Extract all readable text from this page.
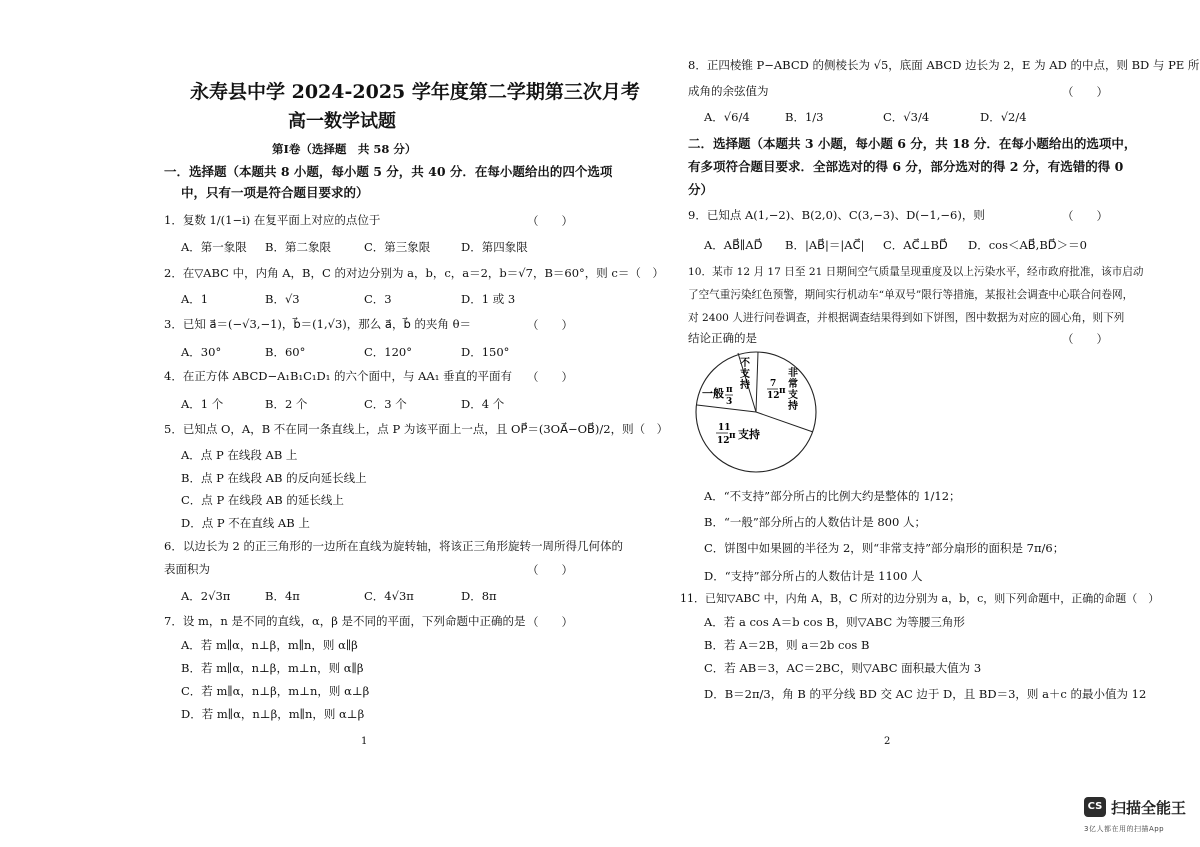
永寿县中学 2024-2025 学年度第二学期第三次月考
高一数学试题
第Ⅰ卷（选择题　共 58 分）
一．选择题（本题共 8 小题，每小题 5 分，共 40 分．在每小题给出的四个选项
中，只有一项是符合题目要求的）
1．复数 1/(1−i) 在复平面上对应的点位于	（　　）
A．第一象限 B．第二象限	C．第三象限	D．第四象限
2．在▽ABC 中，内角 A，B，C 的对边分别为 a，b，c，a＝2，b＝√7，B＝60°，则 c＝（　）
A．1	B．√3	C．3	D．1 或 3
3．已知 a⃗＝(−√3,−1)，b⃗＝(1,√3)，那么 a⃗，b⃗ 的夹角 θ＝	（　　）
A．30°	B．60°	C．120°	D．150°
4．在正方体 ABCD−A₁B₁C₁D₁ 的六个面中，与 AA₁ 垂直的平面有 （　　）
A．1 个	B．2 个	C．3 个	D．4 个
5．已知点 O，A，B 不在同一条直线上，点 P 为该平面上一点，且 OP⃗＝(3OA⃗−OB⃗)/2，则（　）
A．点 P 在线段 AB 上
B．点 P 在线段 AB 的反向延长线上
C．点 P 在线段 AB 的延长线上
D．点 P 不在直线 AB 上
6．以边长为 2 的正三角形的一边所在直线为旋转轴，将该正三角形旋转一周所得几何体的
表面积为	（　　）
A．2√3π	B．4π	C．4√3π	D．8π
7．设 m，n 是不同的直线，α，β 是不同的平面，下列命题中正确的是 （　　）
A．若 m∥α，n⊥β，m∥n，则 α∥β
B．若 m∥α，n⊥β，m⊥n，则 α∥β
C．若 m∥α，n⊥β，m⊥n，则 α⊥β
D．若 m∥α，n⊥β，m∥n，则 α⊥β
1
8．正四棱锥 P−ABCD 的侧棱长为 √5，底面 ABCD 边长为 2，E 为 AD 的中点，则 BD 与 PE 所
成角的余弦值为	（　　）
A．√6/4	B．1/3	C．√3/4	D．√2/4
二．选择题（本题共 3 小题，每小题 6 分，共 18 分．在每小题给出的选项中，
有多项符合题目要求．全部选对的得 6 分，部分选对的得 2 分，有选错的得 0
分）
9．已知点 A(1,−2)、B(2,0)、C(3,−3)、D(−1,−6)，则	（　　）
A．AB⃗∥AD⃗ B．|AB⃗|＝|AC⃗| C．AC⃗⊥BD⃗ D．cos＜AB⃗,BD⃗＞＝0
10．某市 12 月 17 日至 21 日期间空气质量呈现重度及以上污染水平，经市政府批准，该市启动
了空气重污染红色预警，期间实行机动车“单双号”限行等措施，某报社会调查中心联合问卷网，
对 2400 人进行问卷调查，并根据调查结果得到如下饼图，图中数据为对应的圆心角，则下列
结论正确的是	（　　）
不
支
持
一般 π
3
7
12 π
非
常
支
持
11
12 π 支持
A．“不支持”部分所占的比例大约是整体的 1/12；
B．“一般”部分所占的人数估计是 800 人；
C．饼图中如果圆的半径为 2，则“非常支持”部分扇形的面积是 7π/6；
D．“支持”部分所占的人数估计是 1100 人
11．已知▽ABC 中，内角 A，B，C 所对的边分别为 a，b，c，则下列命题中，正确的命题（　）
A．若 a cos A＝b cos B，则▽ABC 为等腰三角形
B．若 A＝2B，则 a＝2b cos B
C．若 AB＝3，AC＝2BC，则▽ABC 面积最大值为 3
D．B＝2π/3，角 B 的平分线 BD 交 AC 边于 D，且 BD＝3，则 a＋c 的最小值为 12
2
CS 扫描全能王
3亿人都在用的扫描App
